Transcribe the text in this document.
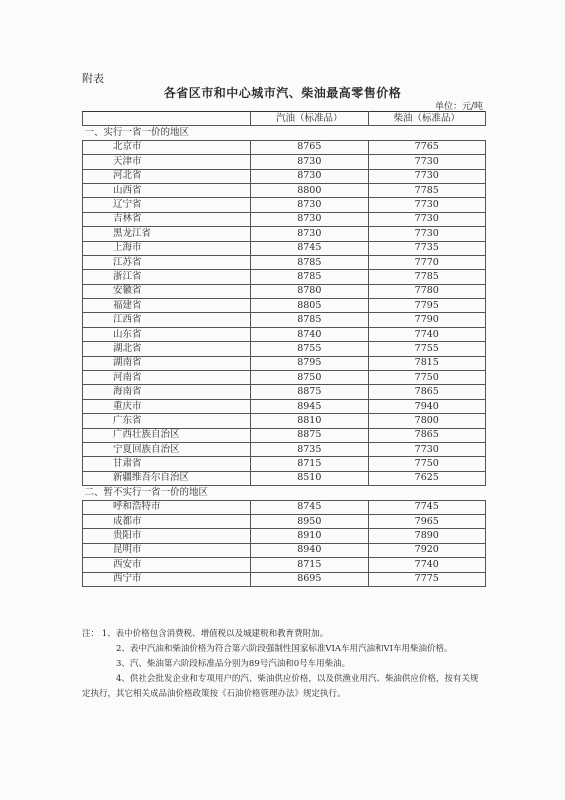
附表
各省区市和中心城市汽、柴油最高零售价格
单位：元/吨
	汽油（标准品）	柴油（标准品）
一、实行一省一价的地区		
北京市	8765	7765
天津市	8730	7730
河北省	8730	7730
山西省	8800	7785
辽宁省	8730	7730
吉林省	8730	7730
黑龙江省	8730	7730
上海市	8745	7735
江苏省	8785	7770
浙江省	8785	7785
安徽省	8780	7780
福建省	8805	7795
江西省	8785	7790
山东省	8740	7740
湖北省	8755	7755
湖南省	8795	7815
河南省	8750	7750
海南省	8875	7865
重庆市	8945	7940
广东省	8810	7800
广西壮族自治区	8875	7865
宁夏回族自治区	8735	7730
甘肃省	8715	7750
新疆维吾尔自治区	8510	7625
二、暂不实行一省一价的地区		
呼和浩特市	8745	7745
成都市	8950	7965
贵阳市	8910	7890
昆明市	8940	7920
西安市	8715	7740
西宁市	8695	7775

注： 1、表中价格包含消费税、增值税以及城建税和教育费附加。

2、表中汽油和柴油价格为符合第六阶段强制性国家标准VIA车用汽油和VI车用柴油价格。

3、汽、柴油第六阶段标准品分别为89号汽油和0号车用柴油。

4、供社会批发企业和专项用户的汽、柴油供应价格，以及供渔业用汽、柴油供应价格，按有关规定执行，其它相关成品油价格政策按《石油价格管理办法》规定执行。
